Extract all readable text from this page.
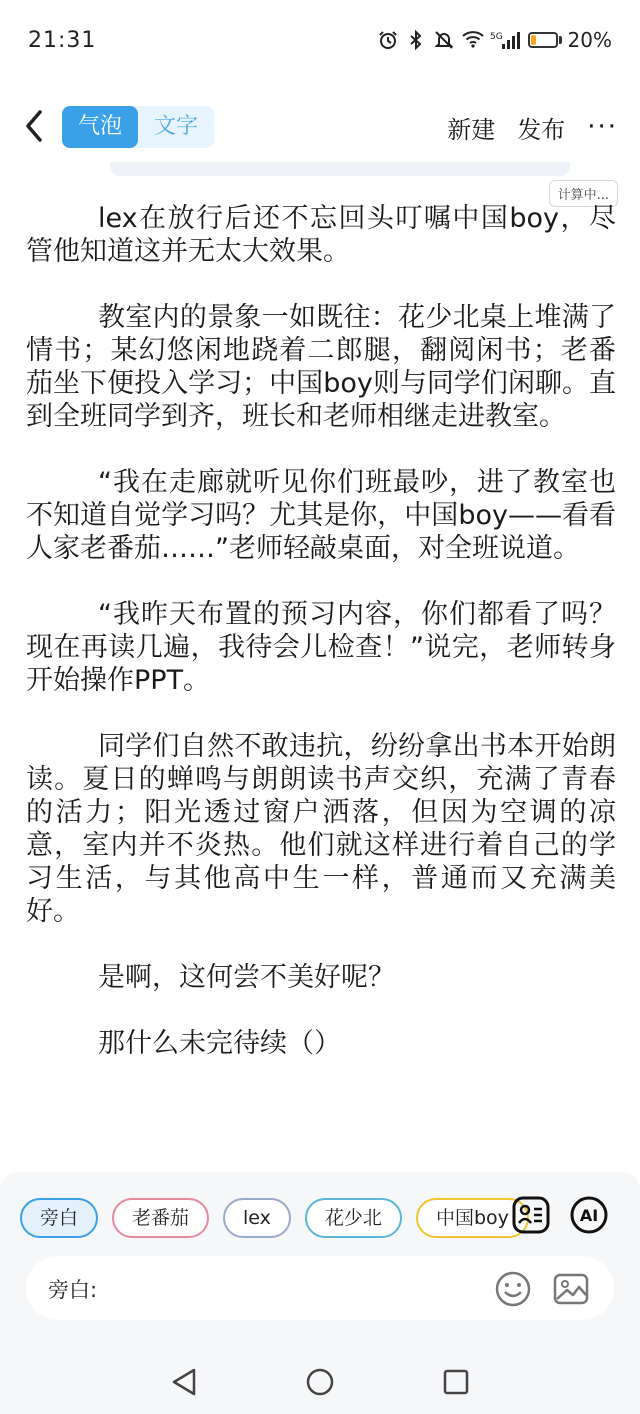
21:31	5G	20%
气泡	文字	新建 发布 ···
计算中...

lex在放行后还不忘回头叮嘱中国boy，尽管他知道这并无太大效果。

教室内的景象一如既往：花少北桌上堆满了情书；某幻悠闲地跷着二郎腿，翻阅闲书；老番茄坐下便投入学习；中国boy则与同学们闲聊。直到全班同学到齐，班长和老师相继走进教室。

“我在走廊就听见你们班最吵，进了教室也不知道自觉学习吗？尤其是你，中国boy——看看人家老番茄……”老师轻敲桌面，对全班说道。

“我昨天布置的预习内容，你们都看了吗？现在再读几遍，我待会儿检查！”说完，老师转身开始操作PPT。

同学们自然不敢违抗，纷纷拿出书本开始朗读。夏日的蝉鸣与朗朗读书声交织，充满了青春的活力；阳光透过窗户洒落，但因为空调的凉意，室内并不炎热。他们就这样进行着自己的学习生活，与其他高中生一样，普通而又充满美好。

是啊，这何尝不美好呢？

那什么未完待续（）

旁白	老番茄	lex	花少北	中国boy	AI
旁白:
